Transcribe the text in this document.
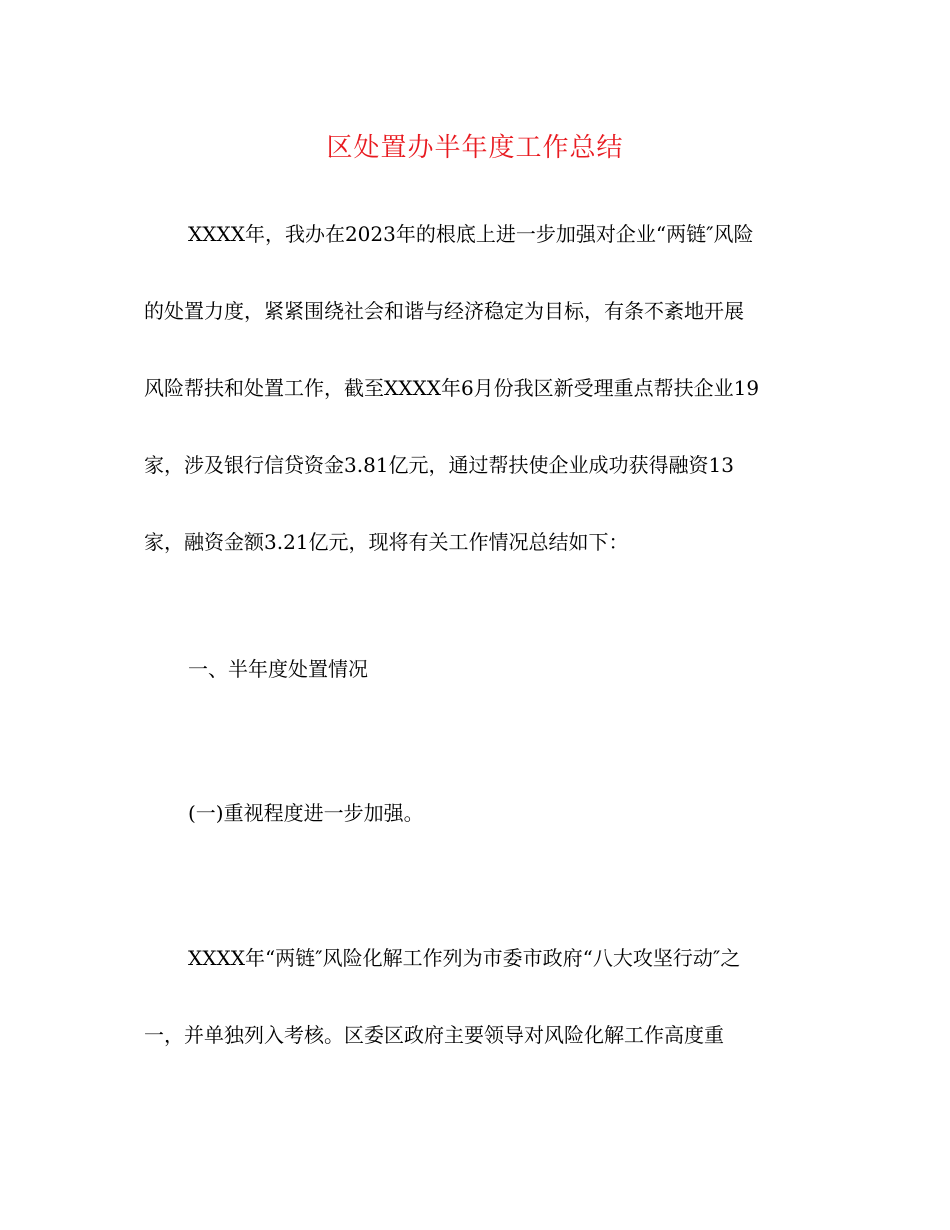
区处置办半年度工作总结
XXXX年，我办在2023年的根底上进一步加强对企业“两链″风险
的处置力度，紧紧围绕社会和谐与经济稳定为目标，有条不紊地开展
风险帮扶和处置工作，截至XXXX年6月份我区新受理重点帮扶企业19
家，涉及银行信贷资金3.81亿元，通过帮扶使企业成功获得融资13
家，融资金额3.21亿元，现将有关工作情况总结如下：
一、半年度处置情况
(一)重视程度进一步加强。
XXXX年“两链″风险化解工作列为市委市政府“八大攻坚行动″之
一，并单独列入考核。区委区政府主要领导对风险化解工作高度重
